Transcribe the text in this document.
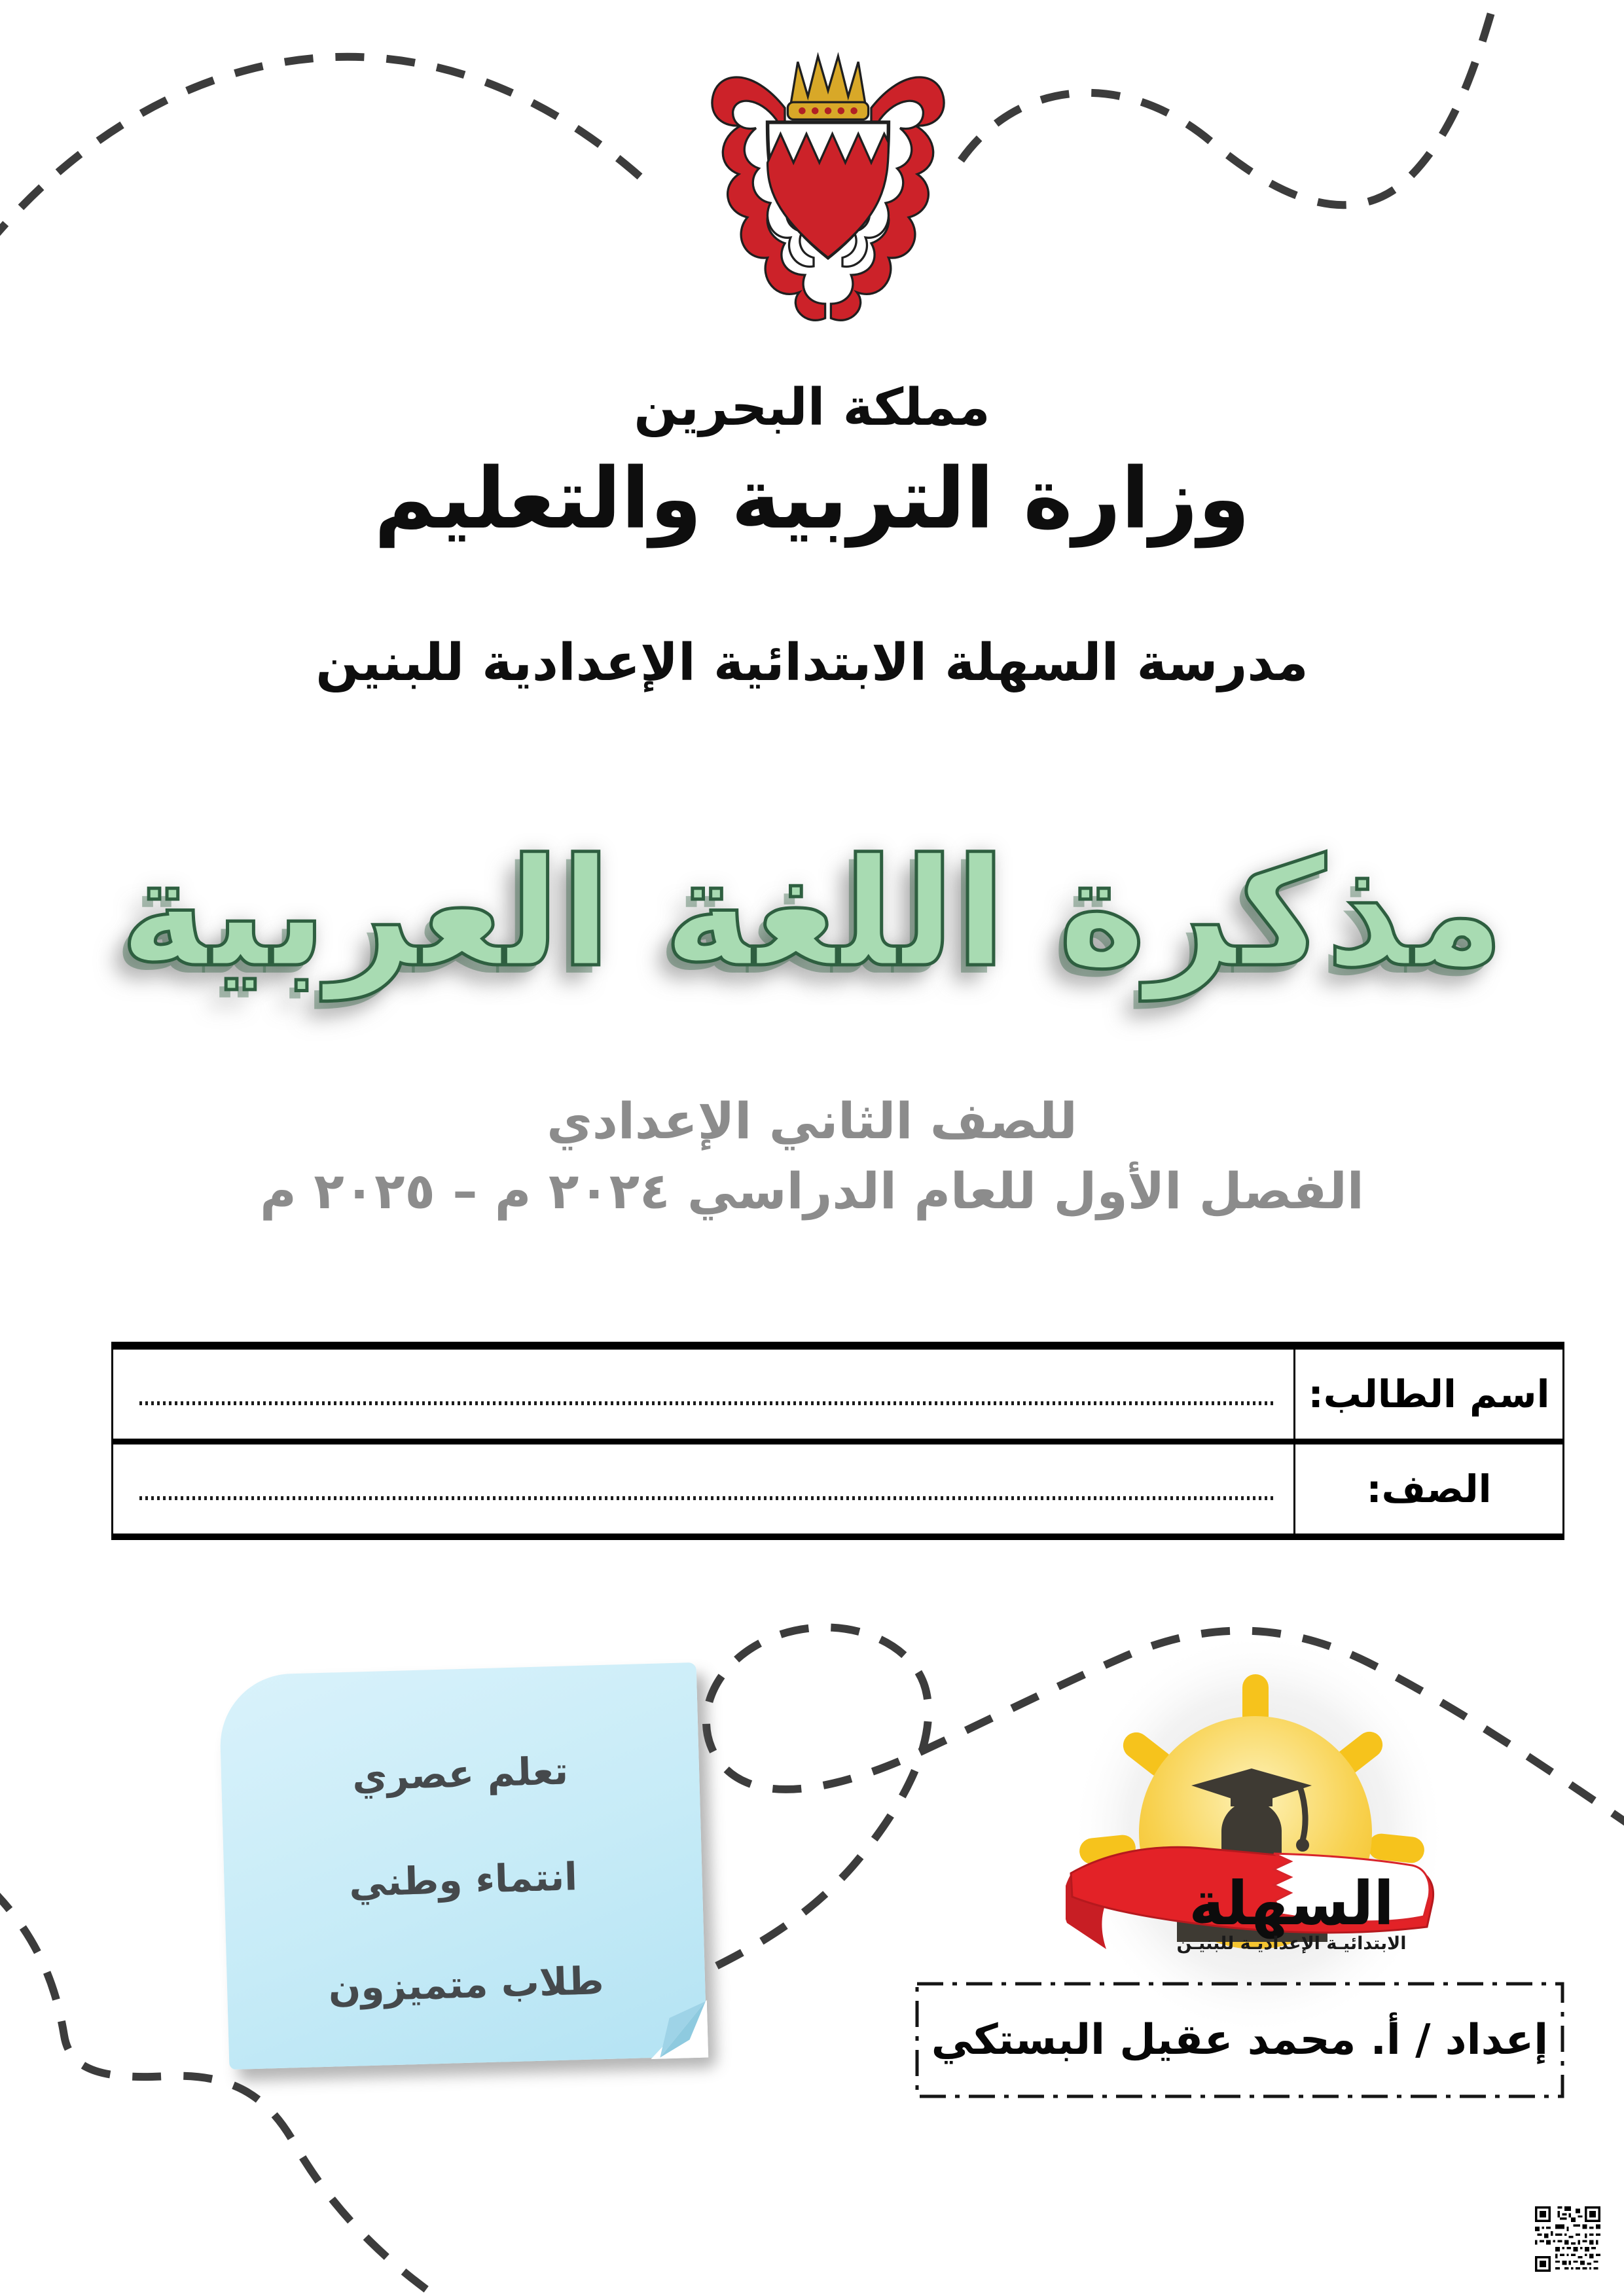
مملكة البحرين
وزارة التربية والتعليم
مدرسة السهلة الابتدائية الإعدادية للبنين
مذكرة اللغة العربية
للصف الثاني الإعدادي
الفصل الأول للعام الدراسي ٢٠٢٤ م – ٢٠٢٥ م
اسم الطالب:
الصف:
تعلم عصري
انتماء وطني
طلاب متميزون
السهلة
الابتدائيـة الإعداديـة للبنيـن
إعداد / أ. محمد عقيل البستكي
